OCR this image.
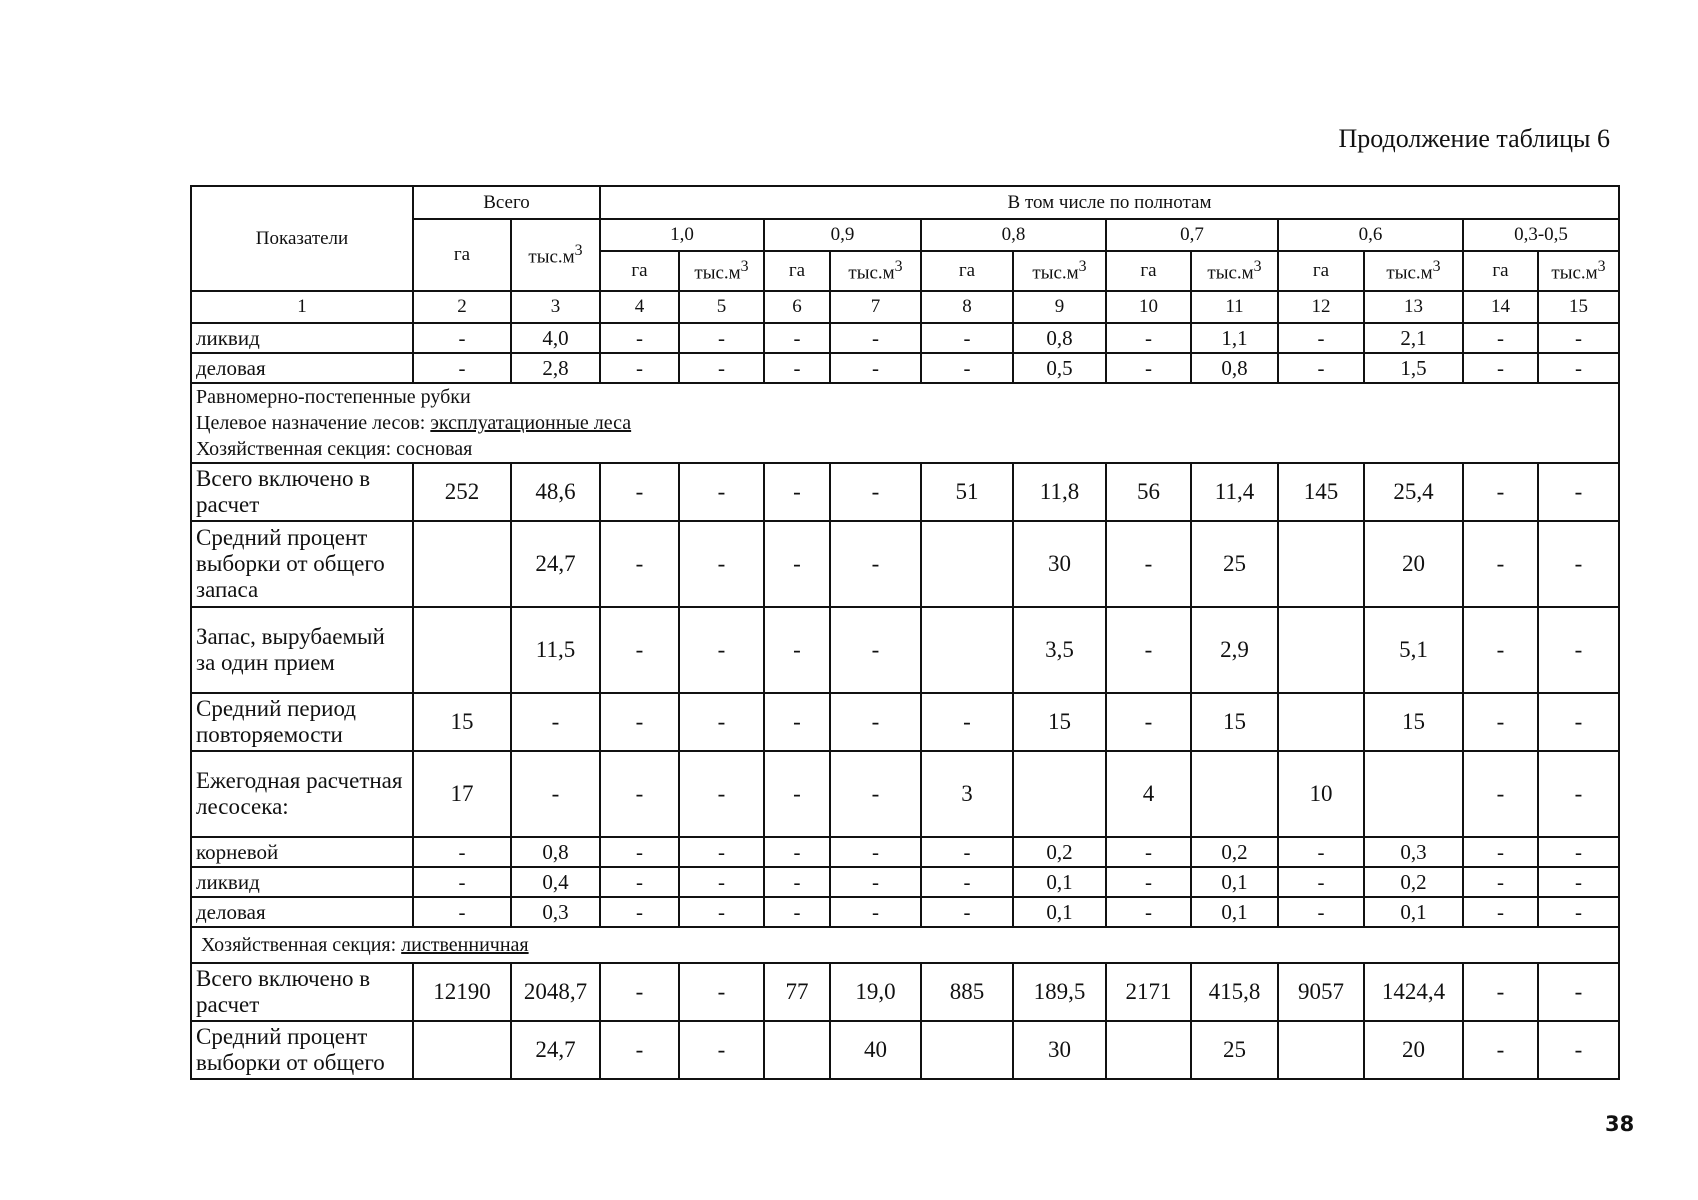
Продолжение таблицы 6
Показатели	Всего		В том числе по полнотам											
	га	$тыс.м^3$	1,0		0,9		0,8		0,7		0,6		0,3-0,5	
			га	$тыс.м^3$	га	$тыс.м^3$	га	$тыс.м^3$	га	$тыс.м^3$	га	$тыс.м^3$	га	$тыс.м^3$
1	2	3	4	5	6	7	8	9	10	11	12	13	14	15
ликвид	-	4,0	-	-	-	-	-	0,8	-	1,1	-	2,1	-	-
деловая	-	2,8	-	-	-	-	-	0,5	-	0,8	-	1,5	-	-

Равномерно-постепенные рубки
Целевое назначение лесов: эксплуатационные леса
Хозяйственная секция: сосновая														

Всего включено в расчет	252	48,6	-	-	-	-	51	11,8	56	11,4	145	25,4	-	-
Средний процент выборки от общего запаса		24,7	-	-	-	-		30	-	25		20	-	-
Запас, вырубаемый за один прием		11,5	-	-	-	-		3,5	-	2,9		5,1	-	-
Средний период повторяемости	15	-	-	-	-	-	-	15	-	15		15	-	-
Ежегодная расчетная лесосека:	17	-	-	-	-	-	3		4		10		-	-
корневой	-	0,8	-	-	-	-	-	0,2	-	0,2	-	0,3	-	-
ликвид	-	0,4	-	-	-	-	-	0,1	-	0,1	-	0,2	-	-
деловая	-	0,3	-	-	-	-	-	0,1	-	0,1	-	0,1	-	-
Хозяйственная секция: лиственничная														
Всего включено в расчет	12190	2048,7	-	-	77	19,0	885	189,5	2171	415,8	9057	1424,4	-	-
Средний процент выборки от общего		24,7	-	-		40		30		25		20	-	-
38
